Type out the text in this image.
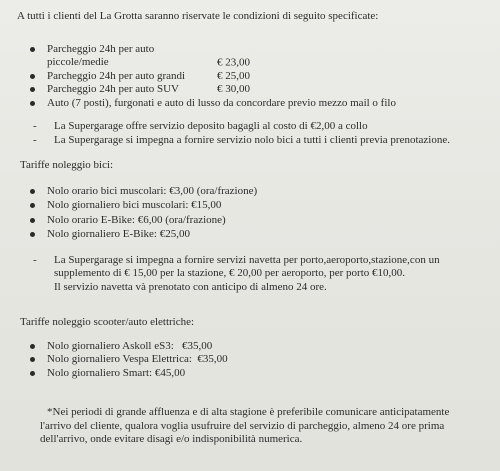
A tutti i clienti del La Grotta saranno riservate le condizioni di seguito specificate:
Parcheggio 24h per auto piccole/medie	€ 23,00
Parcheggio 24h per auto grandi	€ 25,00
Parcheggio 24h per auto SUV	€ 30,00
Auto (7 posti), furgonati e auto di lusso da concordare previo mezzo mail o filo
- La Supergarage offre servizio deposito bagagli al costo di €2,00 a collo
- La Supergarage si impegna a fornire servizio nolo bici a tutti i clienti previa prenotazione.
Tariffe noleggio bici:
Nolo orario bici muscolari: €3,00 (ora/frazione)
Nolo giornaliero bici muscolari: €15,00
Nolo orario E-Bike: €6,00 (ora/frazione)
Nolo giornaliero E-Bike: €25,00
- La Supergarage si impegna a fornire servizi navetta per porto,aeroporto,stazione,con un
supplemento di € 15,00 per la stazione, € 20,00 per aeroporto, per porto €10,00.
Il servizio navetta và prenotato con anticipo di almeno 24 ore.
Tariffe noleggio scooter/auto elettriche:
Nolo giornaliero Askoll eS3:   €35,00
Nolo giornaliero Vespa Elettrica:  €35,00
Nolo giornaliero Smart: €45,00

*Nei periodi di grande affluenza e di alta stagione è preferibile comunicare anticipatamente

l'arrivo del cliente, qualora voglia usufruire del servizio di parcheggio, almeno 24 ore prima
dell'arrivo, onde evitare disagi e/o indisponibilità numerica.
